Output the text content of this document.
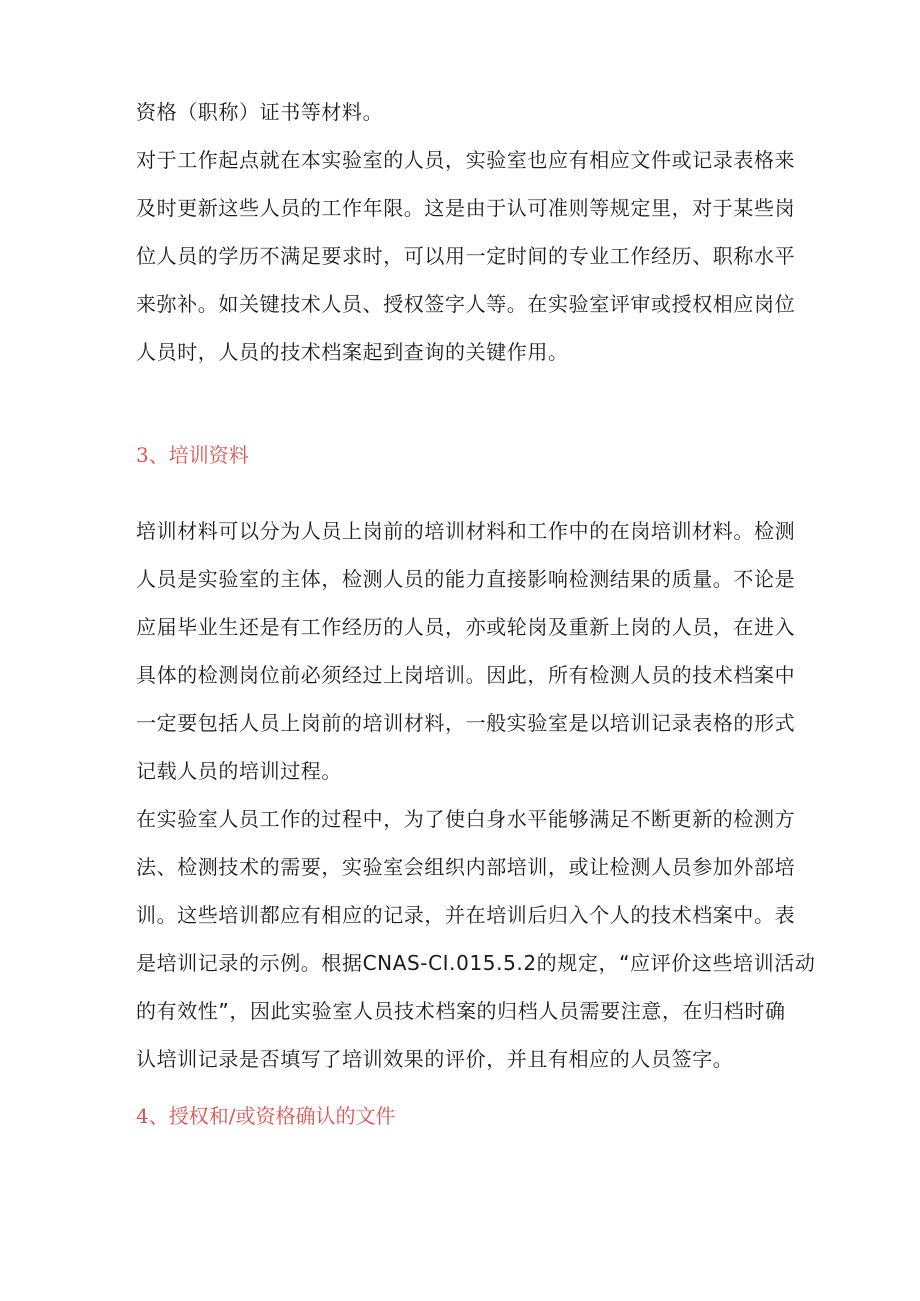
资格（职称）证书等材料。
对于工作起点就在本实验室的人员，实验室也应有相应文件或记录表格来
及时更新这些人员的工作年限。这是由于认可准则等规定里，对于某些岗
位人员的学历不满足要求时，可以用一定时间的专业工作经历、职称水平
来弥补。如关键技术人员、授权签字人等。在实验室评审或授权相应岗位
人员时，人员的技术档案起到查询的关键作用。
3、培训资料
培训材料可以分为人员上岗前的培训材料和工作中的在岗培训材料。检测
人员是实验室的主体，检测人员的能力直接影响检测结果的质量。不论是
应届毕业生还是有工作经历的人员，亦或轮岗及重新上岗的人员，在进入
具体的检测岗位前必须经过上岗培训。因此，所有检测人员的技术档案中
一定要包括人员上岗前的培训材料，一般实验室是以培训记录表格的形式
记载人员的培训过程。
在实验室人员工作的过程中，为了使白身水平能够满足不断更新的检测方
法、检测技术的需要，实验室会组织内部培训，或让检测人员参加外部培
训。这些培训都应有相应的记录，并在培训后归入个人的技术档案中。表
是培训记录的示例。根据CNAS-CI.015.5.2的规定，“应评价这些培训活动
的有效性”，因此实验室人员技术档案的归档人员需要注意，在归档时确
认培训记录是否填写了培训效果的评价，并且有相应的人员签字。
4、授权和/或资格确认的文件
